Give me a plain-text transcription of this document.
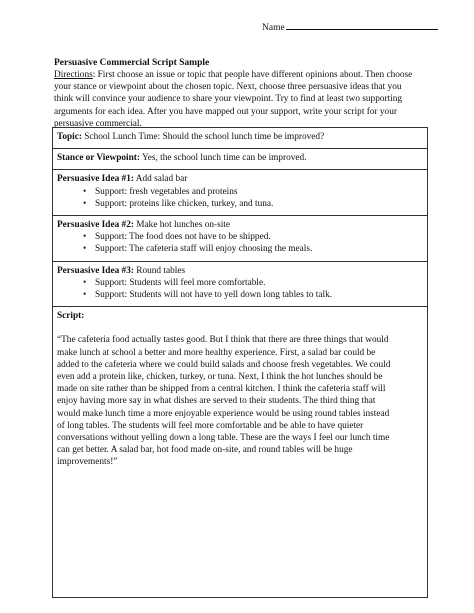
Name
Persuasive Commercial Script Sample
Directions: First choose an issue or topic that people have different opinions about. Then choose
your stance or viewpoint about the chosen topic. Next, choose three persuasive ideas that you
think will convince your audience to share your viewpoint. Try to find at least two supporting
arguments for each idea. After you have mapped out your support, write your script for your
persuasive commercial.
Topic: School Lunch Time: Should the school lunch time be improved?
Stance or Viewpoint: Yes, the school lunch time can be improved.

Persuasive Idea #1: Add salad bar
• Support: fresh vegetables and proteins
• Support: proteins like chicken, turkey, and tuna.

Persuasive Idea #2: Make hot lunches on-site
• Support: The food does not have to be shipped.
• Support: The cafeteria staff will enjoy choosing the meals.

Persuasive Idea #3: Round tables
• Support: Students will feel more comfortable.
• Support: Students will not have to yell down long tables to talk.

Script:
“The cafeteria food actually tastes good. But I think that there are three things that would
make lunch at school a better and more healthy experience. First, a salad bar could be
added to the cafeteria where we could build salads and choose fresh vegetables. We could
even add a protein like, chicken, turkey, or tuna. Next, I think the hot lunches should be
made on site rather than be shipped from a central kitchen. I think the cafeteria staff will
enjoy having more say in what dishes are served to their students. The third thing that
would make lunch time a more enjoyable experience would be using round tables instead
of long tables. The students will feel more comfortable and be able to have quieter
conversations without yelling down a long table. These are the ways I feel our lunch time
can get better. A salad bar, hot food made on-site, and round tables will be huge
improvements!”
